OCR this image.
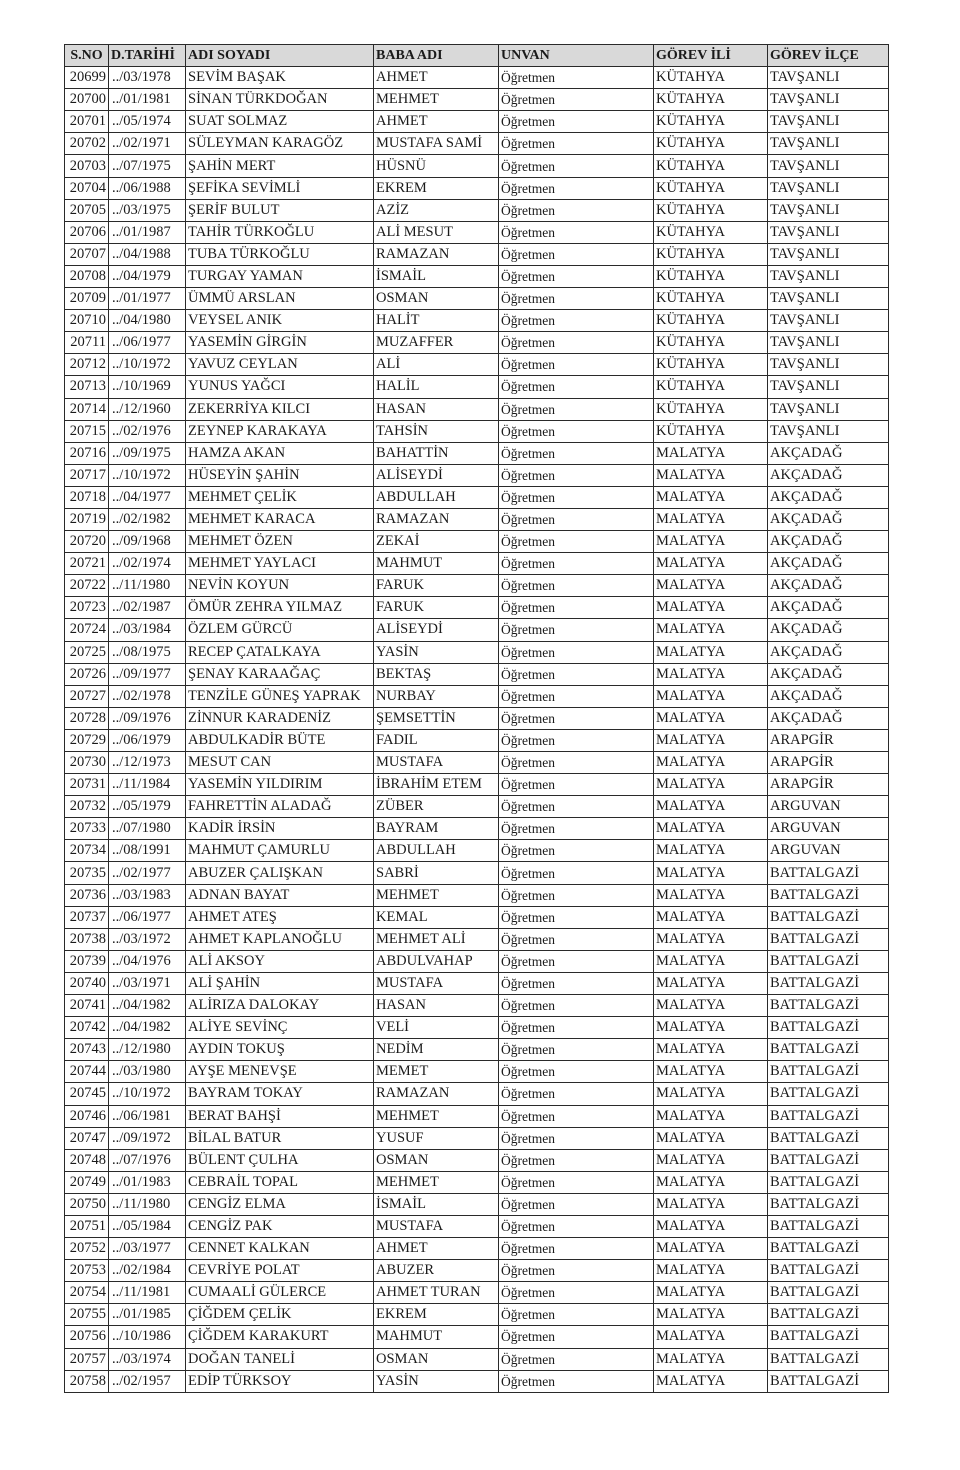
S.NO	D.TARİHİ	ADI SOYADI	BABA ADI	UNVAN	GÖREV İLİ	GÖREV İLÇE
20699	../03/1978	SEVİM BAŞAK	AHMET	Öğretmen	KÜTAHYA	TAVŞANLI
20700	../01/1981	SİNAN TÜRKDOĞAN	MEHMET	Öğretmen	KÜTAHYA	TAVŞANLI
20701	../05/1974	SUAT SOLMAZ	AHMET	Öğretmen	KÜTAHYA	TAVŞANLI
20702	../02/1971	SÜLEYMAN KARAGÖZ	MUSTAFA SAMİ	Öğretmen	KÜTAHYA	TAVŞANLI
20703	../07/1975	ŞAHİN MERT	HÜSNÜ	Öğretmen	KÜTAHYA	TAVŞANLI
20704	../06/1988	ŞEFİKA SEVİMLİ	EKREM	Öğretmen	KÜTAHYA	TAVŞANLI
20705	../03/1975	ŞERİF BULUT	AZİZ	Öğretmen	KÜTAHYA	TAVŞANLI
20706	../01/1987	TAHİR TÜRKOĞLU	ALİ MESUT	Öğretmen	KÜTAHYA	TAVŞANLI
20707	../04/1988	TUBA TÜRKOĞLU	RAMAZAN	Öğretmen	KÜTAHYA	TAVŞANLI
20708	../04/1979	TURGAY YAMAN	İSMAİL	Öğretmen	KÜTAHYA	TAVŞANLI
20709	../01/1977	ÜMMÜ ARSLAN	OSMAN	Öğretmen	KÜTAHYA	TAVŞANLI
20710	../04/1980	VEYSEL ANIK	HALİT	Öğretmen	KÜTAHYA	TAVŞANLI
20711	../06/1977	YASEMİN GİRGİN	MUZAFFER	Öğretmen	KÜTAHYA	TAVŞANLI
20712	../10/1972	YAVUZ CEYLAN	ALİ	Öğretmen	KÜTAHYA	TAVŞANLI
20713	../10/1969	YUNUS YAĞCI	HALİL	Öğretmen	KÜTAHYA	TAVŞANLI
20714	../12/1960	ZEKERRİYA KILCI	HASAN	Öğretmen	KÜTAHYA	TAVŞANLI
20715	../02/1976	ZEYNEP KARAKAYA	TAHSİN	Öğretmen	KÜTAHYA	TAVŞANLI
20716	../09/1975	HAMZA AKAN	BAHATTİN	Öğretmen	MALATYA	AKÇADAĞ
20717	../10/1972	HÜSEYİN ŞAHİN	ALİSEYDİ	Öğretmen	MALATYA	AKÇADAĞ
20718	../04/1977	MEHMET ÇELİK	ABDULLAH	Öğretmen	MALATYA	AKÇADAĞ
20719	../02/1982	MEHMET KARACA	RAMAZAN	Öğretmen	MALATYA	AKÇADAĞ
20720	../09/1968	MEHMET ÖZEN	ZEKAİ	Öğretmen	MALATYA	AKÇADAĞ
20721	../02/1974	MEHMET YAYLACI	MAHMUT	Öğretmen	MALATYA	AKÇADAĞ
20722	../11/1980	NEVİN KOYUN	FARUK	Öğretmen	MALATYA	AKÇADAĞ
20723	../02/1987	ÖMÜR ZEHRA YILMAZ	FARUK	Öğretmen	MALATYA	AKÇADAĞ
20724	../03/1984	ÖZLEM GÜRCÜ	ALİSEYDİ	Öğretmen	MALATYA	AKÇADAĞ
20725	../08/1975	RECEP ÇATALKAYA	YASİN	Öğretmen	MALATYA	AKÇADAĞ
20726	../09/1977	ŞENAY KARAAĞAÇ	BEKTAŞ	Öğretmen	MALATYA	AKÇADAĞ
20727	../02/1978	TENZİLE GÜNEŞ YAPRAK	NURBAY	Öğretmen	MALATYA	AKÇADAĞ
20728	../09/1976	ZİNNUR KARADENİZ	ŞEMSETTİN	Öğretmen	MALATYA	AKÇADAĞ
20729	../06/1979	ABDULKADİR BÜTE	FADIL	Öğretmen	MALATYA	ARAPGİR
20730	../12/1973	MESUT CAN	MUSTAFA	Öğretmen	MALATYA	ARAPGİR
20731	../11/1984	YASEMİN YILDIRIM	İBRAHİM ETEM	Öğretmen	MALATYA	ARAPGİR
20732	../05/1979	FAHRETTİN ALADAĞ	ZÜBER	Öğretmen	MALATYA	ARGUVAN
20733	../07/1980	KADİR İRSİN	BAYRAM	Öğretmen	MALATYA	ARGUVAN
20734	../08/1991	MAHMUT ÇAMURLU	ABDULLAH	Öğretmen	MALATYA	ARGUVAN
20735	../02/1977	ABUZER ÇALIŞKAN	SABRİ	Öğretmen	MALATYA	BATTALGAZİ
20736	../03/1983	ADNAN BAYAT	MEHMET	Öğretmen	MALATYA	BATTALGAZİ
20737	../06/1977	AHMET ATEŞ	KEMAL	Öğretmen	MALATYA	BATTALGAZİ
20738	../03/1972	AHMET KAPLANOĞLU	MEHMET ALİ	Öğretmen	MALATYA	BATTALGAZİ
20739	../04/1976	ALİ AKSOY	ABDULVAHAP	Öğretmen	MALATYA	BATTALGAZİ
20740	../03/1971	ALİ ŞAHİN	MUSTAFA	Öğretmen	MALATYA	BATTALGAZİ
20741	../04/1982	ALİRIZA DALOKAY	HASAN	Öğretmen	MALATYA	BATTALGAZİ
20742	../04/1982	ALİYE SEVİNÇ	VELİ	Öğretmen	MALATYA	BATTALGAZİ
20743	../12/1980	AYDIN TOKUŞ	NEDİM	Öğretmen	MALATYA	BATTALGAZİ
20744	../03/1980	AYŞE MENEVŞE	MEMET	Öğretmen	MALATYA	BATTALGAZİ
20745	../10/1972	BAYRAM TOKAY	RAMAZAN	Öğretmen	MALATYA	BATTALGAZİ
20746	../06/1981	BERAT BAHŞİ	MEHMET	Öğretmen	MALATYA	BATTALGAZİ
20747	../09/1972	BİLAL BATUR	YUSUF	Öğretmen	MALATYA	BATTALGAZİ
20748	../07/1976	BÜLENT ÇULHA	OSMAN	Öğretmen	MALATYA	BATTALGAZİ
20749	../01/1983	CEBRAİL TOPAL	MEHMET	Öğretmen	MALATYA	BATTALGAZİ
20750	../11/1980	CENGİZ ELMA	İSMAİL	Öğretmen	MALATYA	BATTALGAZİ
20751	../05/1984	CENGİZ PAK	MUSTAFA	Öğretmen	MALATYA	BATTALGAZİ
20752	../03/1977	CENNET KALKAN	AHMET	Öğretmen	MALATYA	BATTALGAZİ
20753	../02/1984	CEVRİYE POLAT	ABUZER	Öğretmen	MALATYA	BATTALGAZİ
20754	../11/1981	CUMAALİ GÜLERCE	AHMET TURAN	Öğretmen	MALATYA	BATTALGAZİ
20755	../01/1985	ÇİĞDEM ÇELİK	EKREM	Öğretmen	MALATYA	BATTALGAZİ
20756	../10/1986	ÇİĞDEM KARAKURT	MAHMUT	Öğretmen	MALATYA	BATTALGAZİ
20757	../03/1974	DOĞAN TANELİ	OSMAN	Öğretmen	MALATYA	BATTALGAZİ
20758	../02/1957	EDİP TÜRKSOY	YASİN	Öğretmen	MALATYA	BATTALGAZİ
